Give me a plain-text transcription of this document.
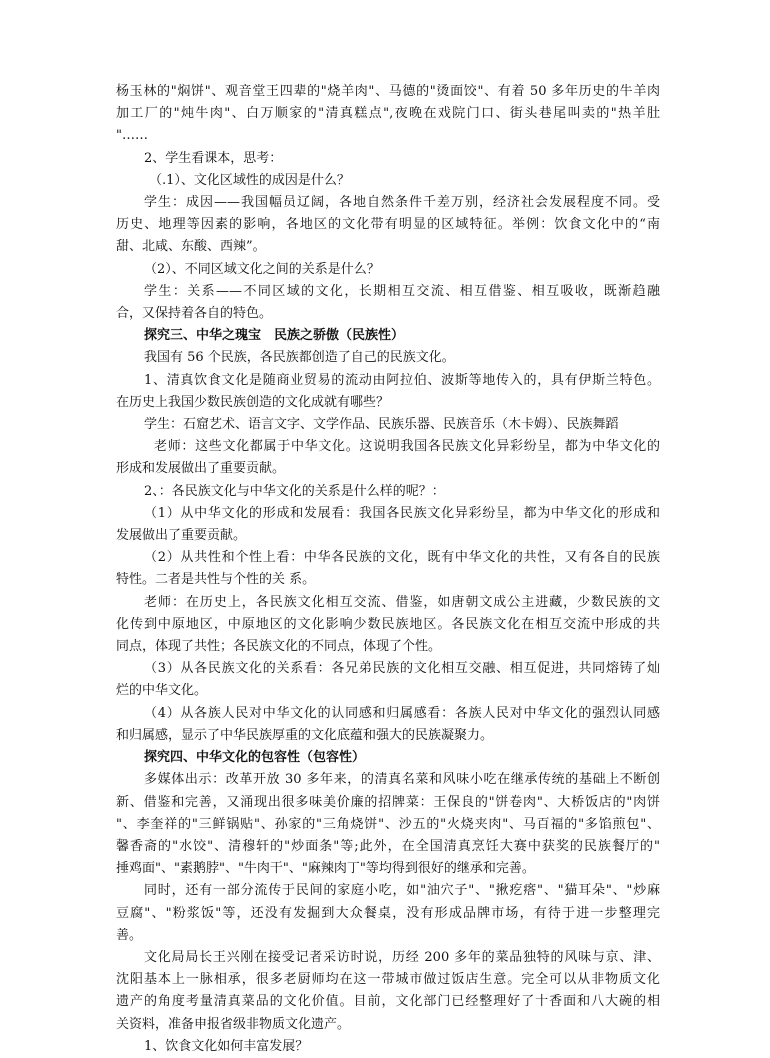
杨玉林的"焖饼"、观音堂王四辈的"烧羊肉"、马德的"烫面饺"、有着 50 多年历史的牛羊肉
加工厂的"炖牛肉"、白万顺家的"清真糕点",夜晚在戏院门口、街头巷尾叫卖的"热羊肚
"……
2、学生看课本，思考：
（.1）、文化区域性的成因是什么？
学生：成因——我国幅员辽阔，各地自然条件千差万别，经济社会发展程度不同。受
历史、地理等因素的影响，各地区的文化带有明显的区域特征。举例：饮食文化中的“南
甜、北咸、东酸、西辣”。
（2）、不同区域文化之间的关系是什么？
学生：关系——不同区域的文化，长期相互交流、相互借鉴、相互吸收，既渐趋融
合，又保持着各自的特色。
探究三、中华之瑰宝　民族之骄傲（民族性）
我国有 56 个民族，各民族都创造了自己的民族文化。
1、清真饮食文化是随商业贸易的流动由阿拉伯、波斯等地传入的，具有伊斯兰特色。
在历史上我国少数民族创造的文化成就有哪些？
学生：石窟艺术、语言文字、文学作品、民族乐器、民族音乐（木卡姆）、民族舞蹈
老师：这些文化都属于中华文化。这说明我国各民族文化异彩纷呈，都为中华文化的
形成和发展做出了重要贡献。
2、：各民族文化与中华文化的关系是什么样的呢？：
（1）从中华文化的形成和发展看：我国各民族文化异彩纷呈，都为中华文化的形成和
发展做出了重要贡献。
（2）从共性和个性上看：中华各民族的文化，既有中华文化的共性，又有各自的民族
特性。二者是共性与个性的关 系。
老师：在历史上，各民族文化相互交流、借鉴，如唐朝文成公主进藏，少数民族的文
化传到中原地区，中原地区的文化影响少数民族地区。各民族文化在相互交流中形成的共
同点，体现了共性；各民族文化的不同点，体现了个性。
（3）从各民族文化的关系看：各兄弟民族的文化相互交融、相互促进，共同熔铸了灿
烂的中华文化。
（4）从各族人民对中华文化的认同感和归属感看：各族人民对中华文化的强烈认同感
和归属感，显示了中华民族厚重的文化底蕴和强大的民族凝聚力。
探究四、中华文化的包容性（包容性）
多媒体出示：改革开放 30 多年来，的清真名菜和风味小吃在继承传统的基础上不断创
新、借鉴和完善，又涌现出很多味美价廉的招牌菜：王保良的"饼卷肉"、大桥饭店的"肉饼
"、李奎祥的"三鲜锅贴"、孙家的"三角烧饼"、沙五的"火烧夹肉"、马百福的"多馅煎包"、
馨香斋的"水饺"、清穆轩的"炒面条"等;此外，在全国清真烹饪大赛中获奖的民族餐厅的"
捶鸡面"、"素鹅脖"、"牛肉干"、"麻辣肉丁"等均得到很好的继承和完善。
同时，还有一部分流传于民间的家庭小吃，如"油穴子"、"揪疙瘩"、"猫耳朵"、"炒麻
豆腐"、"粉浆饭"等，还没有发掘到大众餐桌，没有形成品牌市场，有待于进一步整理完
善。
文化局局长王兴刚在接受记者采访时说，历经 200 多年的菜品独特的风味与京、津、
沈阳基本上一脉相承，很多老厨师均在这一带城市做过饭店生意。完全可以从非物质文化
遗产的角度考量清真菜品的文化价值。目前，文化部门已经整理好了十香面和八大碗的相
关资料，准备申报省级非物质文化遗产。
1、饮食文化如何丰富发展？
